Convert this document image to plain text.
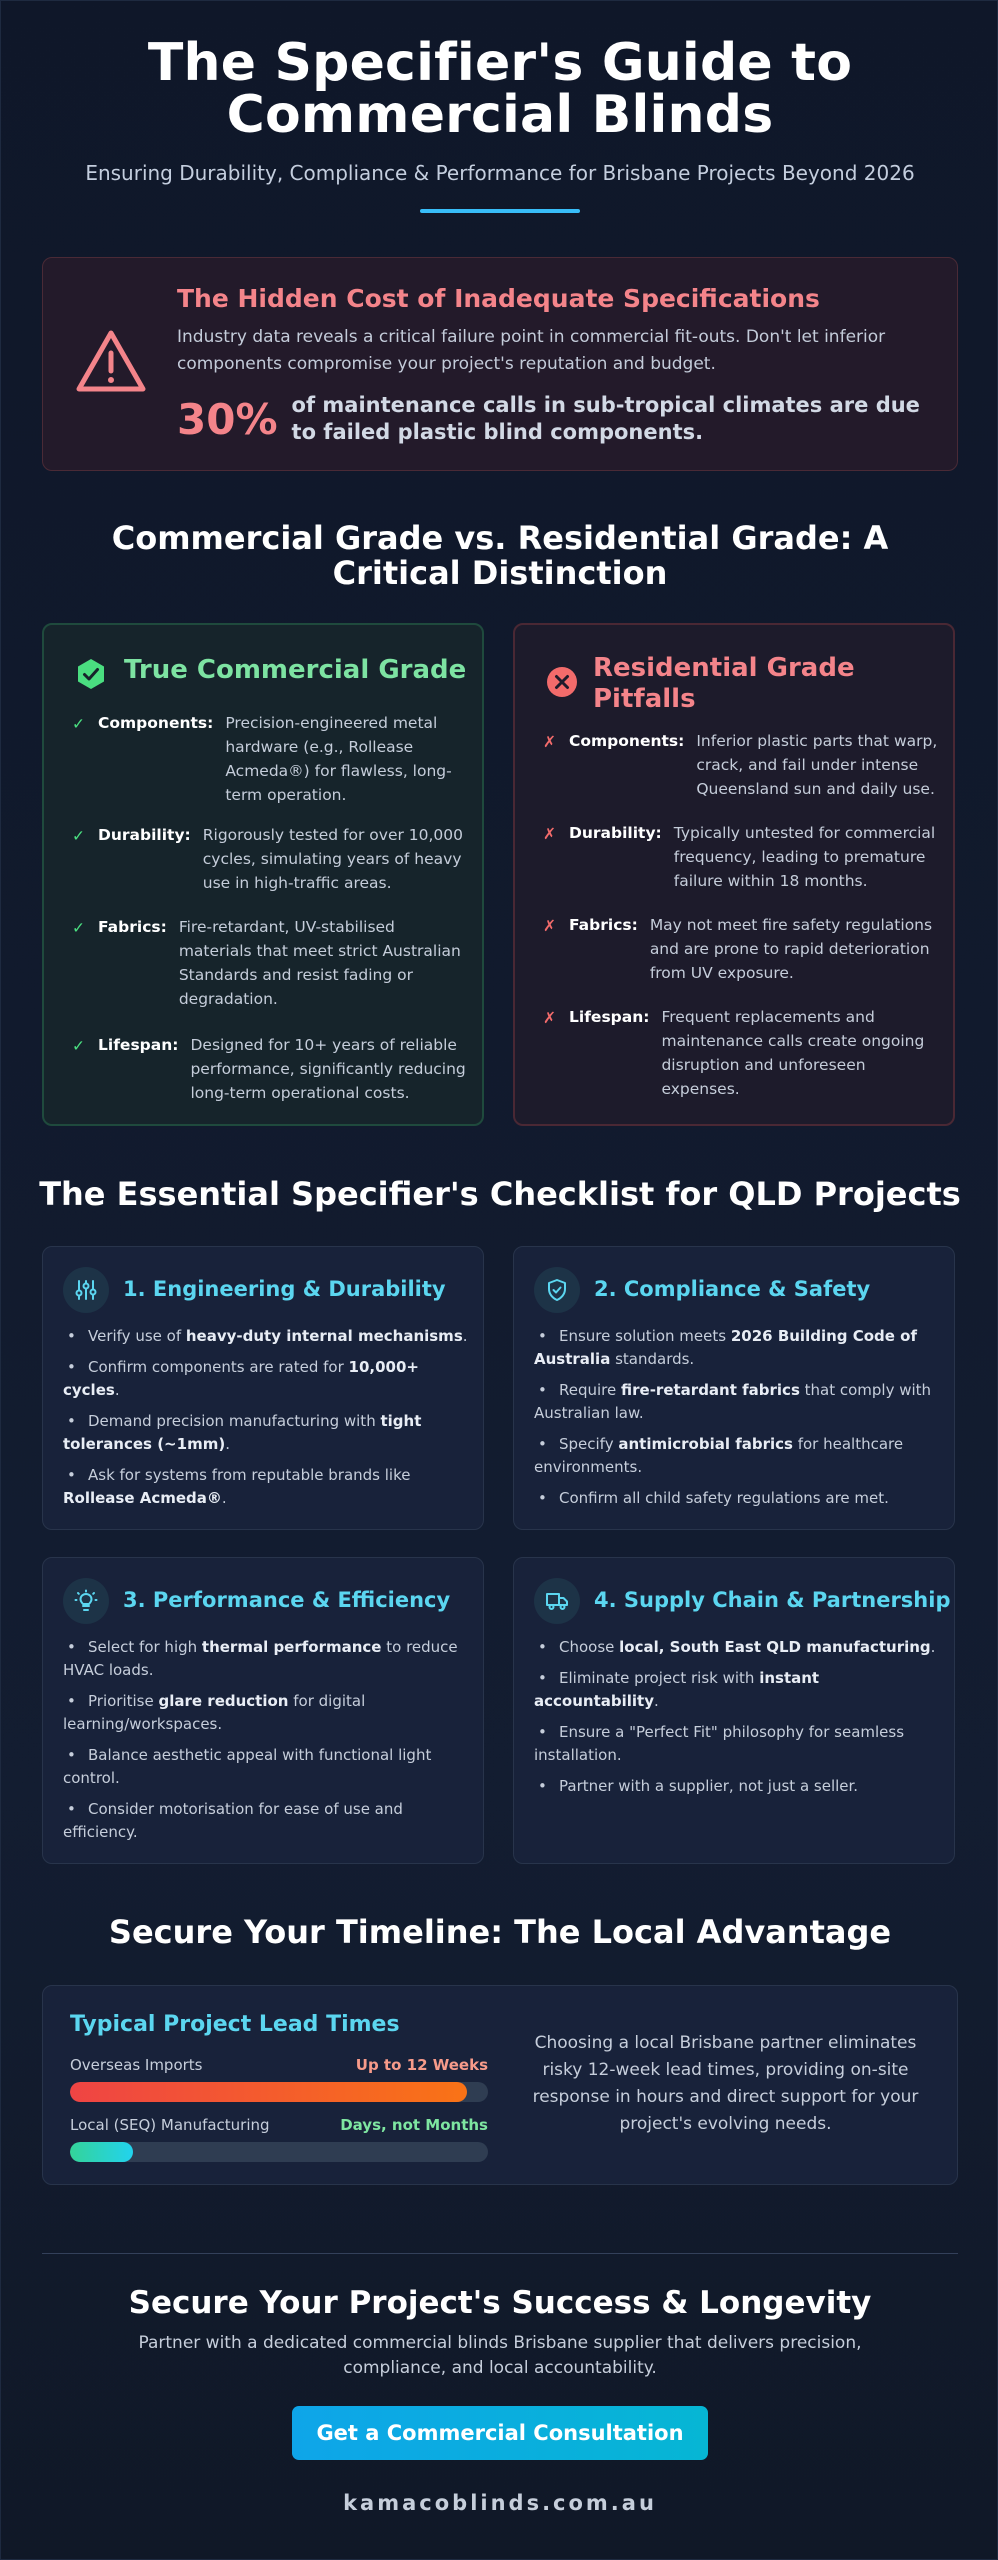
The Specifier's Guide to
Commercial Blinds
Ensuring Durability, Compliance & Performance for Brisbane Projects Beyond 2026
The Hidden Cost of Inadequate Specifications
Industry data reveals a critical failure point in commercial fit-outs. Don't let inferior components compromise your project's reputation and budget.
30% of maintenance calls in sub-tropical climates are due to failed plastic blind components.
Commercial Grade vs. Residential Grade: A Critical Distinction
True Commercial Grade
✓ Components: Precision-engineered metal hardware (e.g., Rollease Acmeda®) for flawless, long-term operation.
✓ Durability: Rigorously tested for over 10,000 cycles, simulating years of heavy use in high-traffic areas.
✓ Fabrics: Fire-retardant, UV-stabilised materials that meet strict Australian Standards and resist fading or degradation.
✓ Lifespan: Designed for 10+ years of reliable performance, significantly reducing long-term operational costs.
Residential Grade Pitfalls
✗ Components: Inferior plastic parts that warp, crack, and fail under intense Queensland sun and daily use.
✗ Durability: Typically untested for commercial frequency, leading to premature failure within 18 months.
✗ Fabrics: May not meet fire safety regulations and are prone to rapid deterioration from UV exposure.
✗ Lifespan: Frequent replacements and maintenance calls create ongoing disruption and unforeseen expenses.
The Essential Specifier's Checklist for QLD Projects
1. Engineering & Durability
• Verify use of heavy-duty internal mechanisms.
• Confirm components are rated for 10,000+ cycles.
• Demand precision manufacturing with tight tolerances (~1mm).
• Ask for systems from reputable brands like Rollease Acmeda®.
2. Compliance & Safety
• Ensure solution meets 2026 Building Code of Australia standards.
• Require fire-retardant fabrics that comply with Australian law.
• Specify antimicrobial fabrics for healthcare environments.
• Confirm all child safety regulations are met.
3. Performance & Efficiency
• Select for high thermal performance to reduce HVAC loads.
• Prioritise glare reduction for digital learning/workspaces.
• Balance aesthetic appeal with functional light control.
• Consider motorisation for ease of use and efficiency.
4. Supply Chain & Partnership
• Choose local, South East QLD manufacturing.
• Eliminate project risk with instant accountability.
• Ensure a "Perfect Fit" philosophy for seamless installation.
• Partner with a supplier, not just a seller.
Secure Your Timeline: The Local Advantage
Typical Project Lead Times
Overseas Imports	Up to 12 Weeks
Local (SEQ) Manufacturing	Days, not Months
Choosing a local Brisbane partner eliminates risky 12-week lead times, providing on-site response in hours and direct support for your project's evolving needs.
Secure Your Project's Success & Longevity
Partner with a dedicated commercial blinds Brisbane supplier that delivers precision, compliance, and local accountability.
Get a Commercial Consultation
kamacoblinds.com.au
